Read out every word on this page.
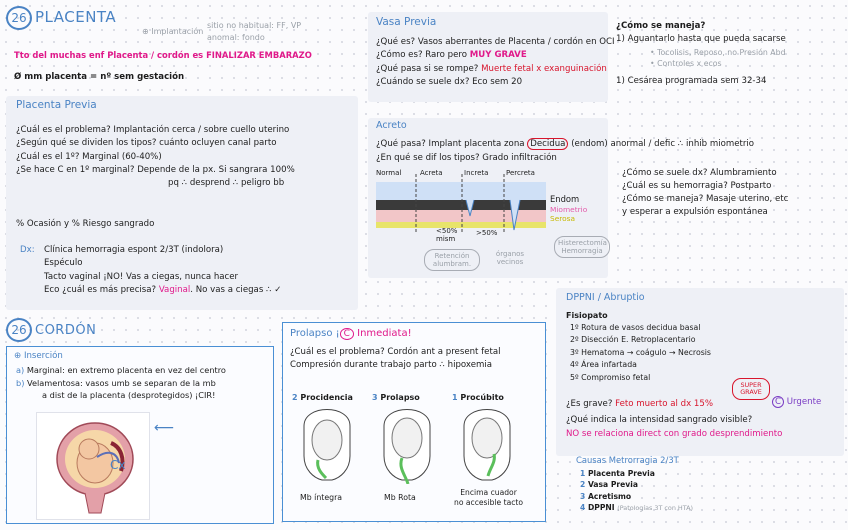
26 PLACENTA
⊕ Implantación
sitio no habitual: FF, VP
anomal: fondo
Tto del muchas enf Placenta / cordón es FINALIZAR EMBARAZO
Ø mm placenta = nº sem gestación
Placenta Previa
¿Cuál es el problema? Implantación cerca / sobre cuello uterino
¿Según qué se dividen los tipos? cuánto ocluyen canal parto
¿Cuál es el 1º? Marginal (60-40%)
¿Se hace C en 1º marginal? Depende de la px. Si sangrara 100%
pq ∴ desprend ∴ peligro bb
% Ocasión y % Riesgo sangrado
Dx: Clínica hemorragia espont 2/3T (indolora)
Espéculo
Tacto vaginal ¡NO! Vas a ciegas, nunca hacer
Eco ¿cuál es más precisa? Vaginal. No vas a ciegas ∴ ✓
Vasa Previa
¿Qué es? Vasos aberrantes de Placenta / cordón en OCI
¿Cómo es? Raro pero MUY GRAVE
¿Qué pasa si se rompe? Muerte fetal x exanguinación
¿Cuándo se suele dx? Eco sem 20
¿Cómo se maneja?
1) Aguantarlo hasta que pueda sacarse
• Tocolisis, Reposo, no Presión Abd
• Controles x ecos
1) Cesárea programada sem 32-34
Acreto
¿Qué pasa? Implant placenta zona Decidua (endom) anormal / defic ∴ inhib miometrio
¿En qué se dif los tipos? Grado infiltración
Normal	Acreta	Increta	Percreta
Endom
Miometrio
Serosa
<50% mism
>50%
Retención alumbram.
órganos vecinos
Histerectomía Hemorragia
¿Cómo se suele dx? Alumbramiento
¿Cuál es su hemorragia? Postparto
¿Cómo se maneja? Masaje uterino, etc
y esperar a expulsión espontánea
DPPNI / Abruptio
Fisiopato
1º Rotura de vasos decidua basal
2º Disección E. Retroplacentario
3º Hematoma → coágulo → Necrosis
4º Área infartada
5º Compromiso fetal
¿Es grave? Feto muerto al dx 15%
SUPER GRAVE
C Urgente
¿Qué indica la intensidad sangrado visible?
NO se relaciona direct con grado desprendimiento
Causas Metrorragia 2/3T
1 Placenta Previa
2 Vasa Previa
3 Acretismo
4 DPPNI (Patologías 3T con HTA)
26 CORDÓN
⊕ Inserción
a) Marginal: en extremo placenta en vez del centro
b) Velamentosa: vasos umb se separan de la mb
a dist de la placenta (desprotegidos) ¡CIR!
Cx
⟵
Prolapso ¡ C Inmediata!
¿Cuál es el problema? Cordón ant a present fetal
Compresión durante trabajo parto ∴ hipoxemia
2 Procidencia 3 Prolapso	1 Procúbito
Mb íntegra	Mb Rota
Encima cuador
no accesible tacto
